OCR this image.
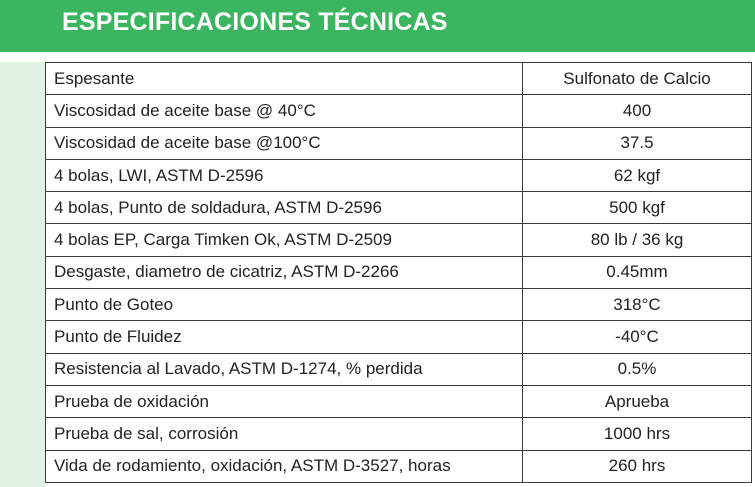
ESPECIFICACIONES TÉCNICAS
Espesante	Sulfonato de Calcio
Viscosidad de aceite base @ 40°C	400
Viscosidad de aceite base @100°C	37.5
4 bolas, LWI, ASTM D-2596	62 kgf
4 bolas, Punto de soldadura, ASTM D-2596	500 kgf
4 bolas EP, Carga Timken Ok, ASTM D-2509	80 lb / 36 kg
Desgaste, diametro de cicatriz, ASTM D-2266	0.45mm
Punto de Goteo	318°C
Punto de Fluidez	-40°C
Resistencia al Lavado, ASTM D-1274, % perdida	0.5%
Prueba de oxidación	Aprueba
Prueba de sal, corrosión	1000 hrs
Vida de rodamiento, oxidación, ASTM D-3527, horas	260 hrs
